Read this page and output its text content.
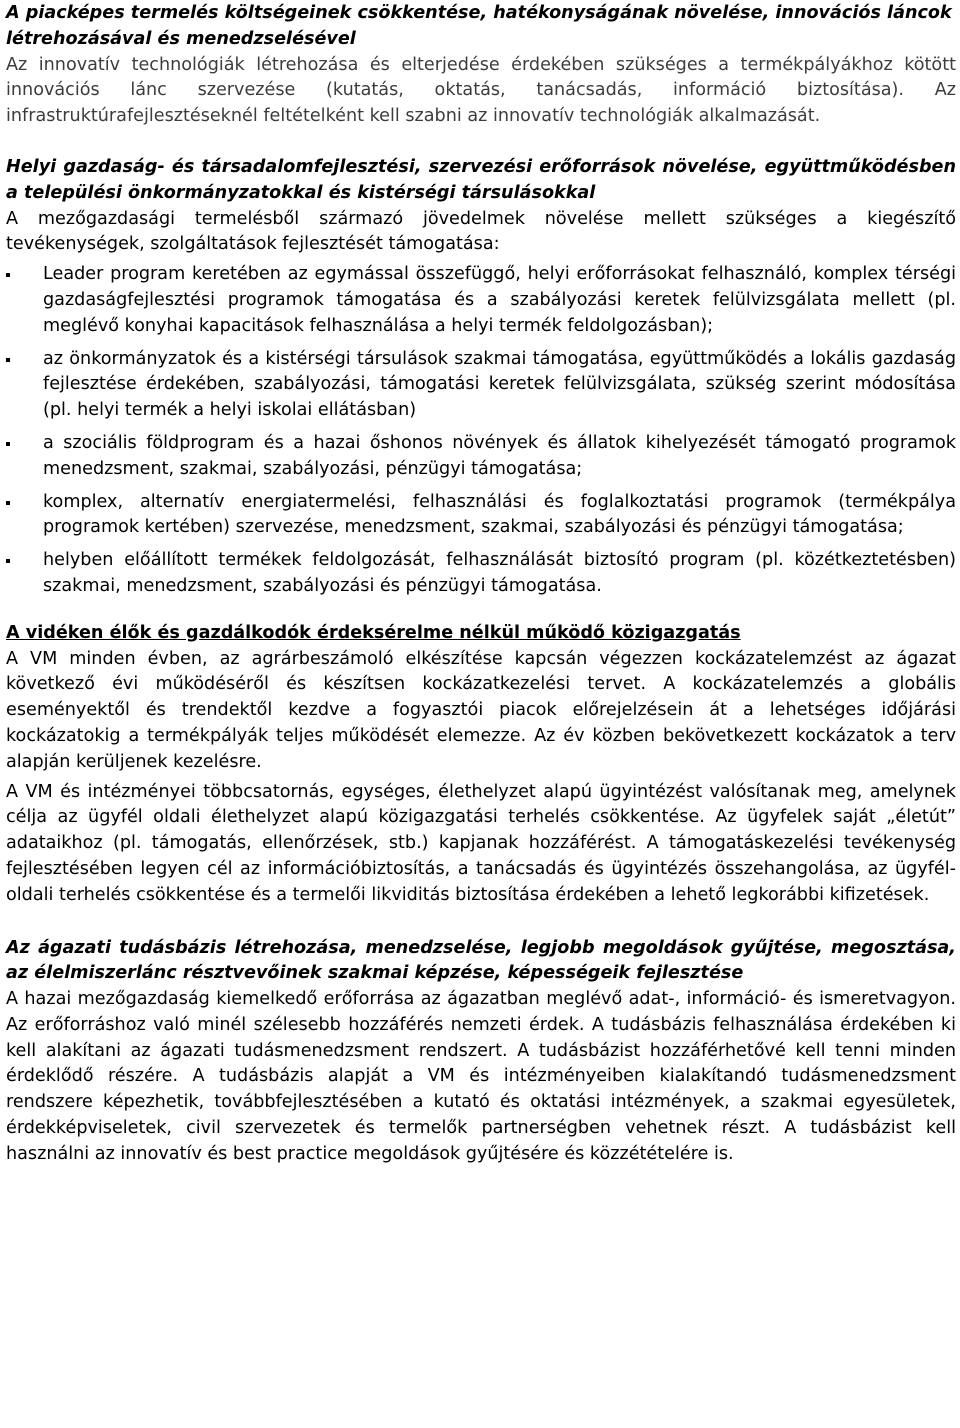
A piacképes termelés költségeinek csökkentése, hatékonyságának növelése, innovációs láncok létrehozásával és menedzselésével

Az innovatív technológiák létrehozása és elterjedése érdekében szükséges a termékpályákhoz kötött innovációs lánc szervezése (kutatás, oktatás, tanácsadás, információ biztosítása). Az infrastruktúrafejlesztéseknél feltételként kell szabni az innovatív technológiák alkalmazását.

Helyi gazdaság- és társadalomfejlesztési, szervezési erőforrások növelése, együttműködésben a települési önkormányzatokkal és kistérségi társulásokkal

A mezőgazdasági termelésből származó jövedelmek növelése mellett szükséges a kiegészítő tevékenységek, szolgáltatások fejlesztését támogatása:

Leader program keretében az egymással összefüggő, helyi erőforrásokat felhasználó, komplex térségi gazdaságfejlesztési programok támogatása és a szabályozási keretek felülvizsgálata mellett (pl. meglévő konyhai kapacitások felhasználása a helyi termék feldolgozásban);
az önkormányzatok és a kistérségi társulások szakmai támogatása, együttműködés a lokális gazdaság fejlesztése érdekében, szabályozási, támogatási keretek felülvizsgálata, szükség szerint módosítása (pl. helyi termék a helyi iskolai ellátásban)
a szociális földprogram és a hazai őshonos növények és állatok kihelyezését támogató programok menedzsment, szakmai, szabályozási, pénzügyi támogatása;
komplex, alternatív energiatermelési, felhasználási és foglalkoztatási programok (termékpálya programok kertében) szervezése, menedzsment, szakmai, szabályozási és pénzügyi támogatása;
helyben előállított termékek feldolgozását, felhasználását biztosító program (pl. közétkeztetésben) szakmai, menedzsment, szabályozási és pénzügyi támogatása.
A vidéken élők és gazdálkodók érdeksérelme nélkül működő közigazgatás

A VM minden évben, az agrárbeszámoló elkészítése kapcsán végezzen kockázatelemzést az ágazat következő évi működéséről és készítsen kockázatkezelési tervet. A kockázatelemzés a globális eseményektől és trendektől kezdve a fogyasztói piacok előrejelzésein át a lehetséges időjárási kockázatokig a termékpályák teljes működését elemezze. Az év közben bekövetkezett kockázatok a terv alapján kerüljenek kezelésre.

A VM és intézményei többcsatornás, egységes, élethelyzet alapú ügyintézést valósítanak meg, amelynek célja az ügyfél oldali élethelyzet alapú közigazgatási terhelés csökkentése. Az ügyfelek saját „életút” adataikhoz (pl. támogatás, ellenőrzések, stb.) kapjanak hozzáférést. A támogatáskezelési tevékenység fejlesztésében legyen cél az információbiztosítás, a tanácsadás és ügyintézés összehangolása, az ügyfél-oldali terhelés csökkentése és a termelői likviditás biztosítása érdekében a lehető legkorábbi kifizetések.

Az ágazati tudásbázis létrehozása, menedzselése, legjobb megoldások gyűjtése, megosztása, az élelmiszerlánc résztvevőinek szakmai képzése, képességeik fejlesztése

A hazai mezőgazdaság kiemelkedő erőforrása az ágazatban meglévő adat-, információ- és ismeretvagyon. Az erőforráshoz való minél szélesebb hozzáférés nemzeti érdek. A tudásbázis felhasználása érdekében ki kell alakítani az ágazati tudásmenedzsment rendszert. A tudásbázist hozzáférhetővé kell tenni minden érdeklődő részére. A tudásbázis alapját a VM és intézményeiben kialakítandó tudásmenedzsment rendszere képezhetik, továbbfejlesztésében a kutató és oktatási intézmények, a szakmai egyesületek, érdekképviseletek, civil szervezetek és termelők partnerségben vehetnek részt. A tudásbázist kell használni az innovatív és best practice megoldások gyűjtésére és közzétételére is.
